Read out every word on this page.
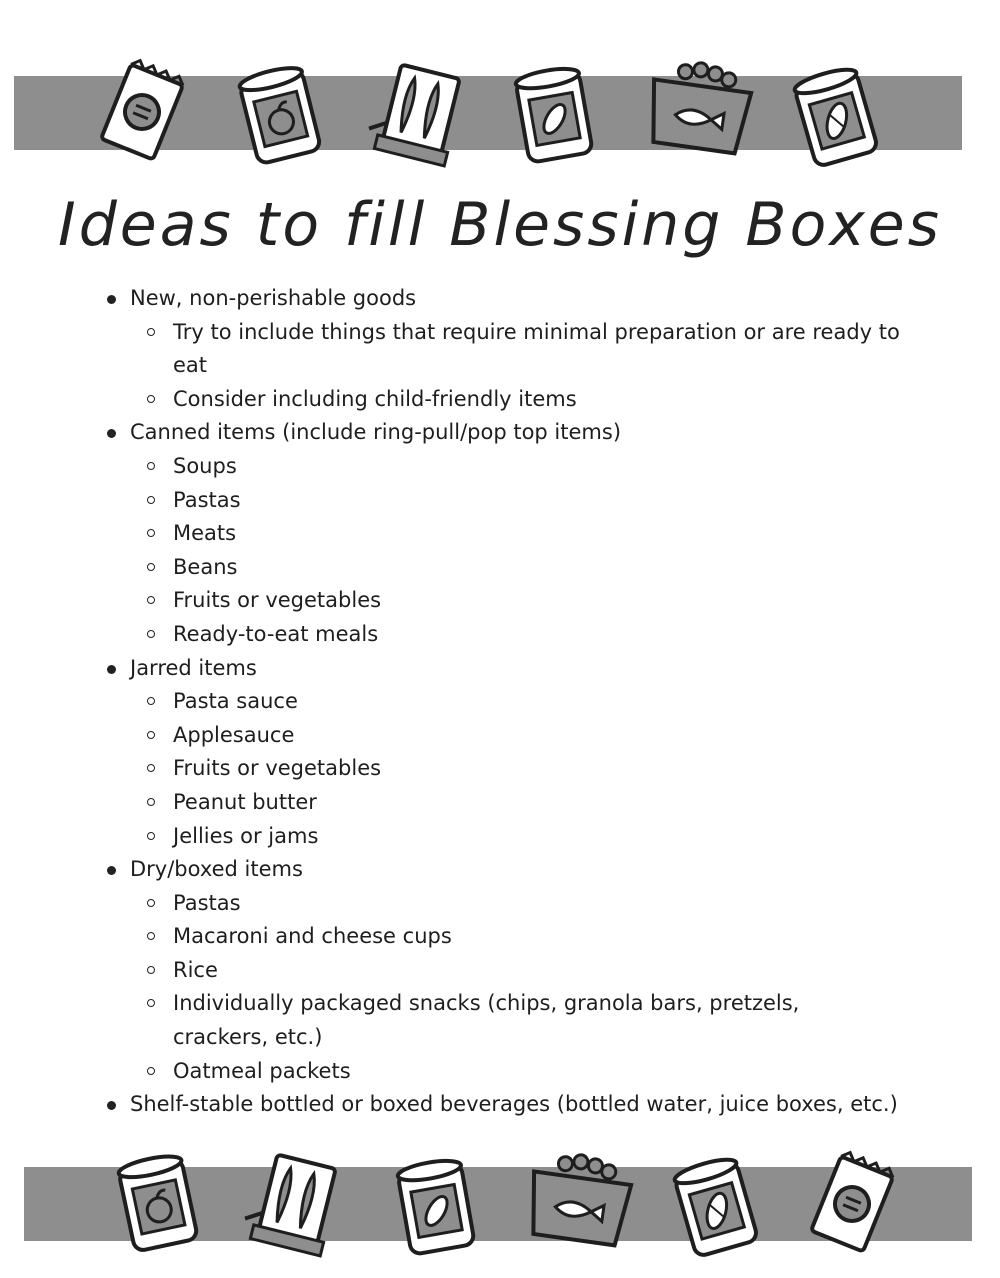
Ideas to fill Blessing Boxes
New, non-perishable goods
Try to include things that require minimal preparation or are ready to eat
Consider including child-friendly items
Canned items (include ring-pull/pop top items)
Soups
Pastas
Meats
Beans
Fruits or vegetables
Ready-to-eat meals
Jarred items
Pasta sauce
Applesauce
Fruits or vegetables
Peanut butter
Jellies or jams
Dry/boxed items
Pastas
Macaroni and cheese cups
Rice
Individually packaged snacks (chips, granola bars, pretzels, crackers, etc.)
Oatmeal packets
Shelf-stable bottled or boxed beverages (bottled water, juice boxes, etc.)
